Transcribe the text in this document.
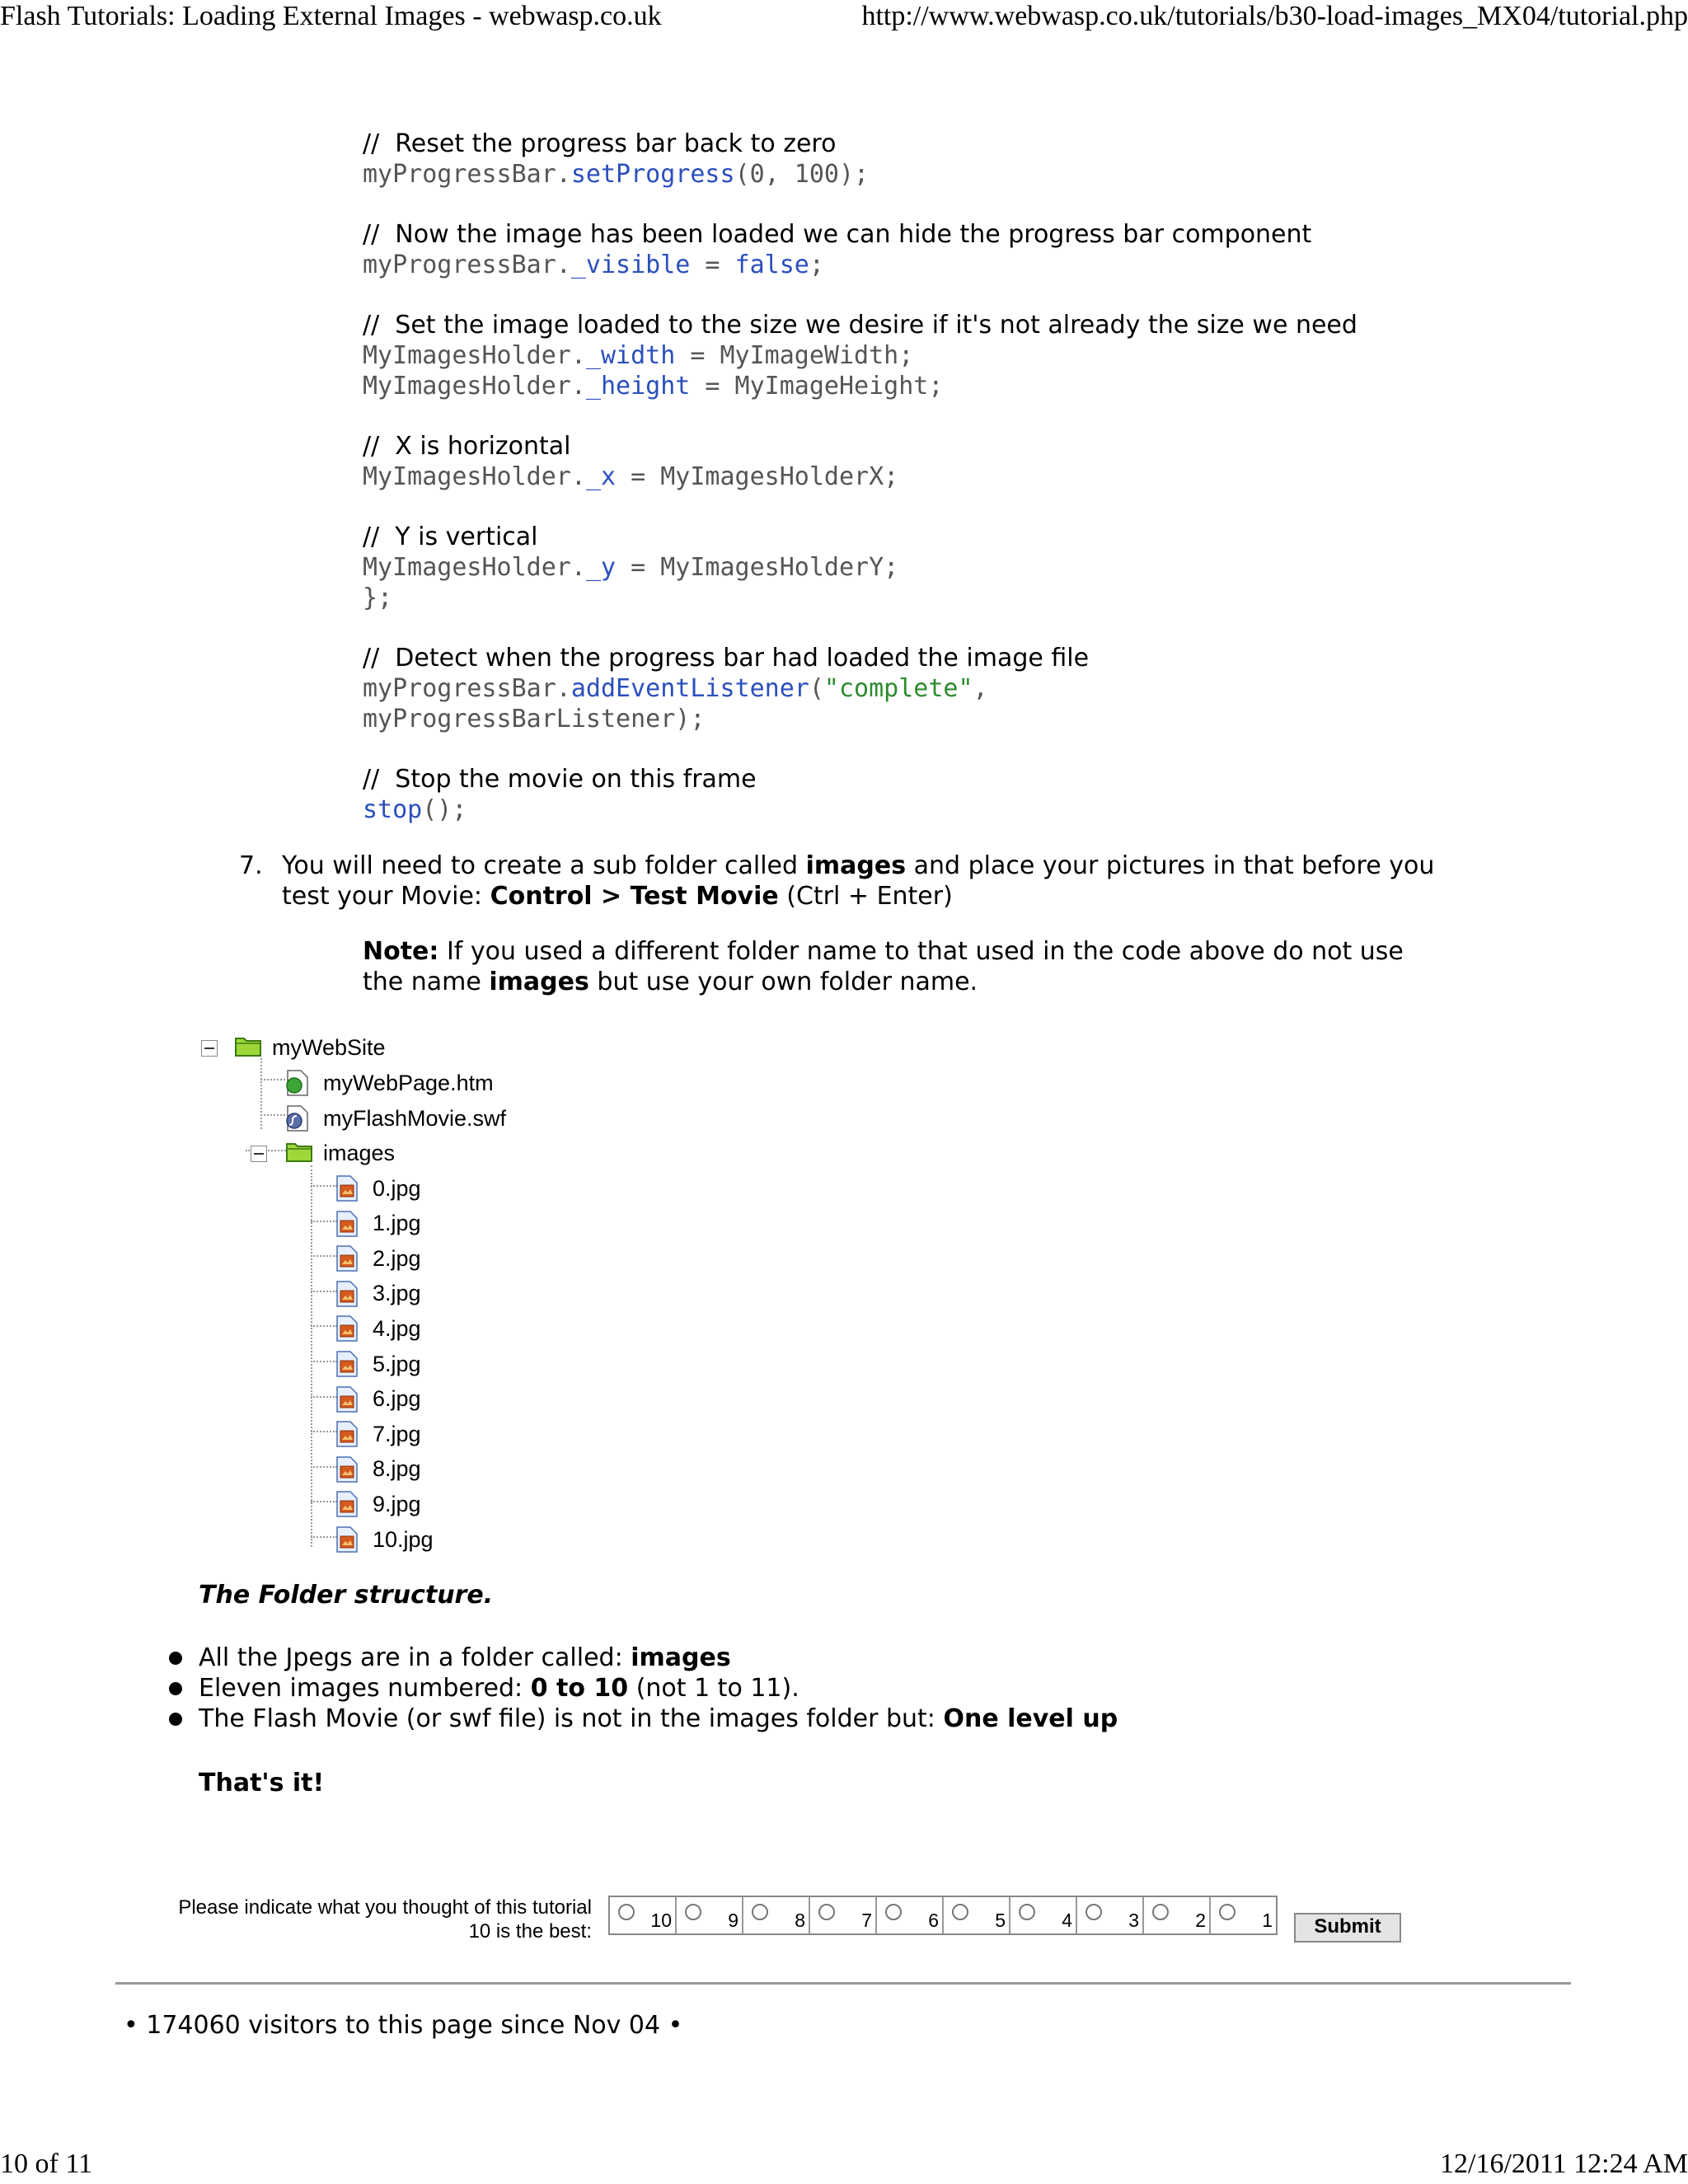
Flash Tutorials: Loading External Images - webwasp.co.uk	http://www.webwasp.co.uk/tutorials/b30-load-images_MX04/tutorial.php
//  Reset the progress bar back to zero
myProgressBar.setProgress(0, 100);
//  Now the image has been loaded we can hide the progress bar component
myProgressBar._visible = false;
//  Set the image loaded to the size we desire if it's not already the size we need
MyImagesHolder._width = MyImageWidth;
MyImagesHolder._height = MyImageHeight;
//  X is horizontal
MyImagesHolder._x = MyImagesHolderX;
//  Y is vertical
MyImagesHolder._y = MyImagesHolderY;
};
//  Detect when the progress bar had loaded the image file
myProgressBar.addEventListener("complete",
myProgressBarListener);
//  Stop the movie on this frame
stop();
7. You will need to create a sub folder called images and place your pictures in that before you test your Movie: Control > Test Movie (Ctrl + Enter)
Note: If you used a different folder name to that used in the code above do not use the name images but use your own folder name.
myWebSite
myWebPage.htm
myFlashMovie.swf
images
0.jpg
1.jpg
2.jpg
3.jpg
4.jpg
5.jpg
6.jpg
7.jpg
8.jpg
9.jpg
10.jpg
The Folder structure.
All the Jpegs are in a folder called: images
Eleven images numbered: 0 to 10 (not 1 to 11).
The Flash Movie (or swf file) is not in the images folder but: One level up
That's it!
Please indicate what you thought of this tutorial
10 is the best:	10	9	8	7	6	5	4	3	2	1	Submit
• 174060 visitors to this page since Nov 04 •
10 of 11	12/16/2011 12:24 AM
